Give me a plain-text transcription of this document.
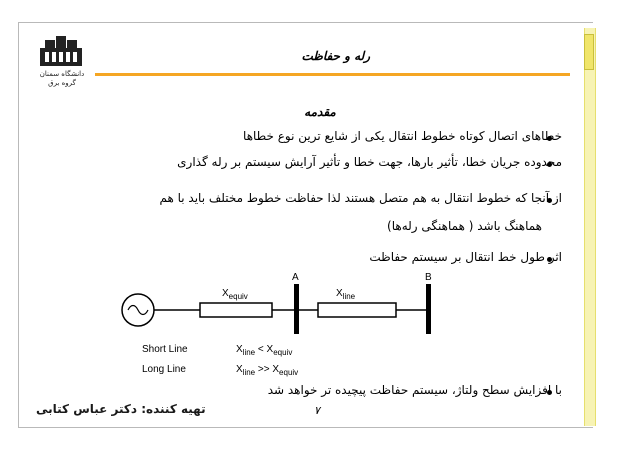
دانشگاه سمنان
گروه برق
رله و حفاظت
مقدمه
خطاهای اتصال کوتاه خطوط انتقال یکی از شایع ترین نوع خطاها
محدوده جریان خطا، تأثیر بارها، جهت خطا و تأثیر آرایش سیستم بر رله گذاری
از آنجا که خطوط انتقال به هم متصل هستند لذا حفاظت خطوط مختلف باید با هم
هماهنگ باشد ( هماهنگی رله‌ها)
اثر طول خط انتقال بر سیستم حفاظت
A	B
$X_{equiv}$	$X_{line}$
Short Line	$X_{line} < X_{equiv}$
Long Line	$X_{line} >> X_{equiv}$
با افزایش سطح ولتاژ، سیستم حفاظت پیچیده تر خواهد شد
تهیه کننده: دکتر عباس کتابی	۷
